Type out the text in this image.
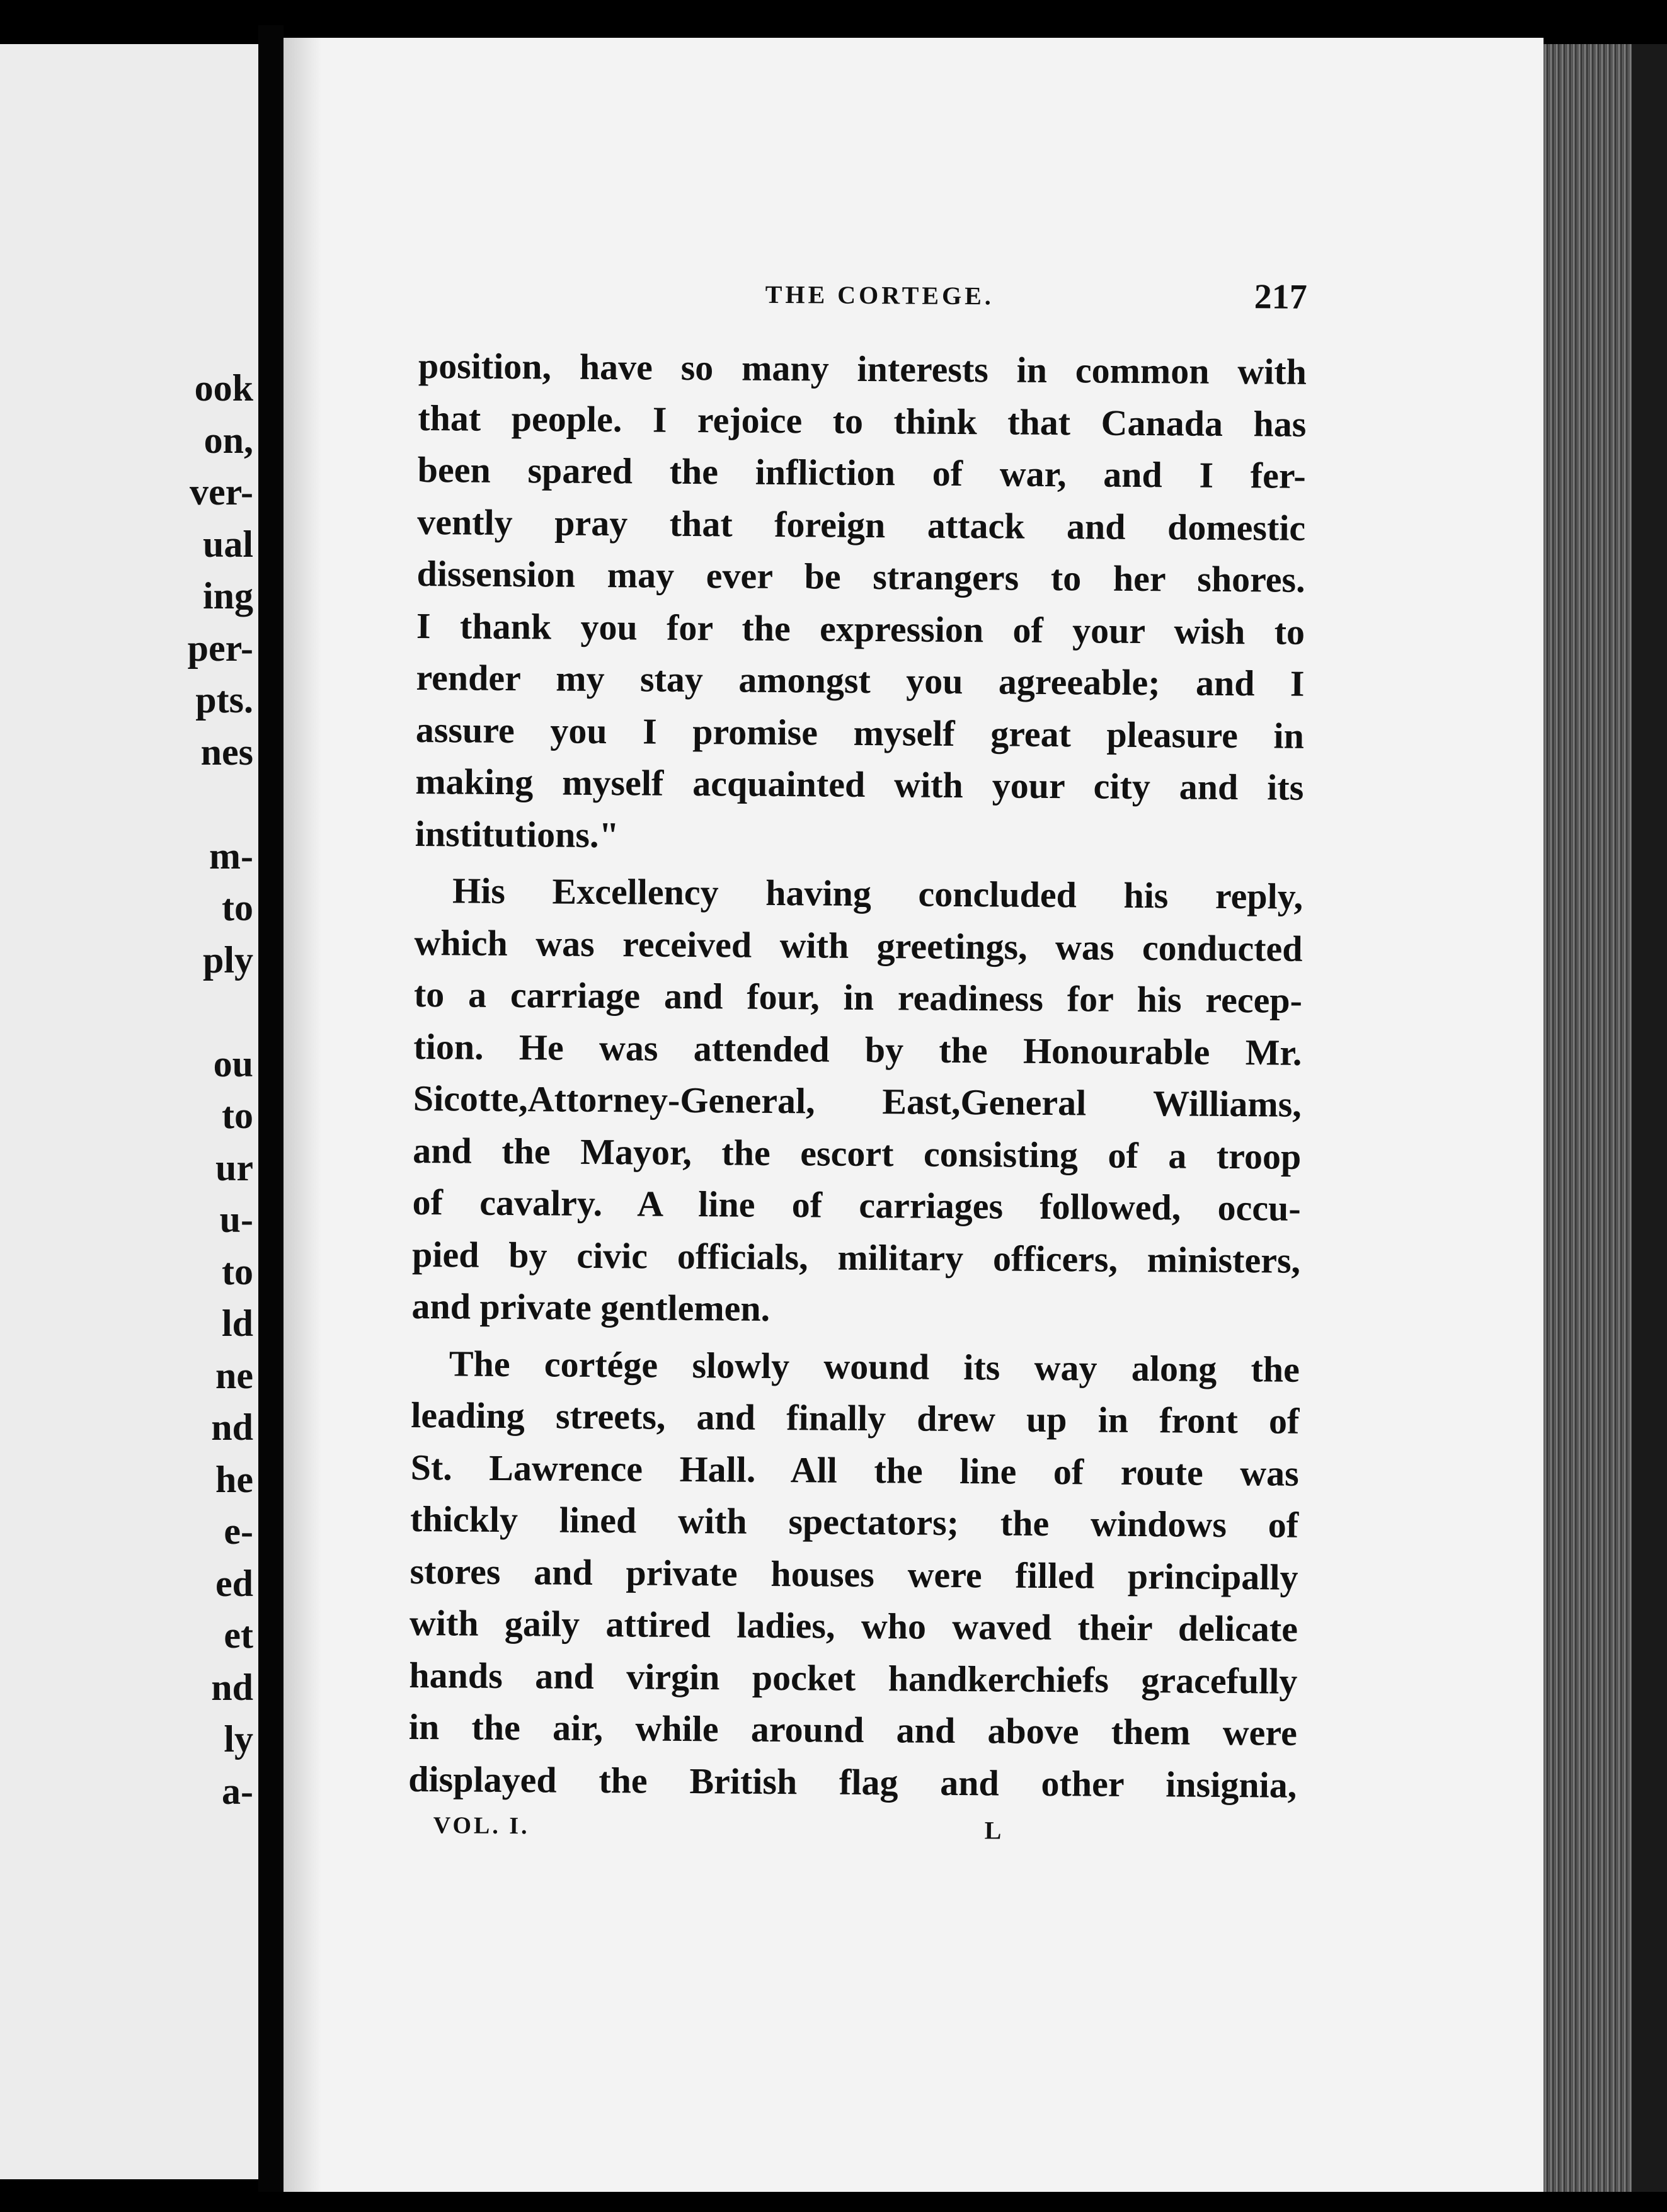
ook
on,
ver-
ual
ing
per-
pts.
nes
m-
to
ply
ou
to
ur
u-
to
ld
ne
nd
he
e-
ed
et
nd
ly
a-
THE CORTEGE.	217

position, have so many interests in common with
that people. I rejoice to think that Canada has
been spared the infliction of war, and I fer-
vently pray that foreign attack and domestic
dissension may ever be strangers to her shores.
I thank you for the expression of your wish to
render my stay amongst you agreeable; and I
assure you I promise myself great pleasure in
making myself acquainted with your city and its
institutions."

His Excellency having concluded his reply,
which was received with greetings, was conducted
to a carriage and four, in readiness for his recep-
tion. He was attended by the Honourable Mr.
Sicotte,Attorney-General, East,General Williams,
and the Mayor, the escort consisting of a troop
of cavalry. A line of carriages followed, occu-
pied by civic officials, military officers, ministers,
and private gentlemen.

The cortége slowly wound its way along the
leading streets, and finally drew up in front of
St. Lawrence Hall. All the line of route was
thickly lined with spectators; the windows of
stores and private houses were filled principally
with gaily attired ladies, who waved their delicate
hands and virgin pocket handkerchiefs gracefully
in the air, while around and above them were
displayed the British flag and other insignia,

VOL. I.	L
